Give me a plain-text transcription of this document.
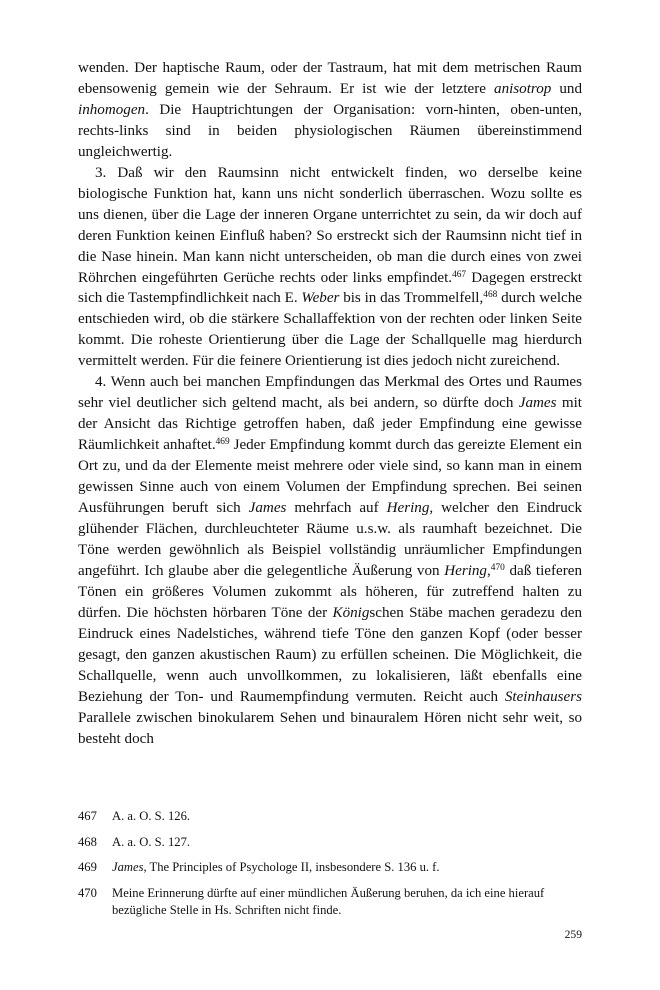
wenden. Der haptische Raum, oder der Tastraum, hat mit dem metrischen Raum ebensowenig gemein wie der Sehraum. Er ist wie der letztere anisotrop und inhomogen. Die Hauptrichtungen der Organisation: vorn-hinten, oben-unten, rechts-links sind in beiden physiologischen Räumen übereinstimmend ungleichwertig.

3. Daß wir den Raumsinn nicht entwickelt finden, wo derselbe keine biologische Funktion hat, kann uns nicht sonderlich überraschen. Wozu sollte es uns dienen, über die Lage der inneren Organe unterrichtet zu sein, da wir doch auf deren Funktion keinen Einfluß haben? So erstreckt sich der Raumsinn nicht tief in die Nase hinein. Man kann nicht unterscheiden, ob man die durch eines von zwei Röhrchen eingeführten Gerüche rechts oder links empfindet.$^{467}$ Dagegen erstreckt sich die Tastempfindlichkeit nach E. Weber bis in das Trommelfell,$^{468}$ durch welche entschieden wird, ob die stärkere Schallaffektion von der rechten oder linken Seite kommt. Die roheste Orientierung über die Lage der Schallquelle mag hierdurch vermittelt werden. Für die feinere Orientierung ist dies jedoch nicht zureichend.

4. Wenn auch bei manchen Empfindungen das Merkmal des Ortes und Raumes sehr viel deutlicher sich geltend macht, als bei andern, so dürfte doch James mit der Ansicht das Richtige getroffen haben, daß jeder Empfindung eine gewisse Räumlichkeit anhaftet.$^{469}$ Jeder Empfindung kommt durch das gereizte Element ein Ort zu, und da der Elemente meist mehrere oder viele sind, so kann man in einem gewissen Sinne auch von einem Volumen der Empfindung sprechen. Bei seinen Ausführungen beruft sich James mehrfach auf Hering, welcher den Eindruck glühender Flächen, durchleuchteter Räume u.s.w. als raumhaft bezeichnet. Die Töne werden gewöhnlich als Beispiel vollständig unräumlicher Empfindungen angeführt. Ich glaube aber die gelegentliche Äußerung von Hering,$^{470}$ daß tieferen Tönen ein größeres Volumen zukommt als höheren, für zutreffend halten zu dürfen. Die höchsten hörbaren Töne der Königschen Stäbe machen geradezu den Eindruck eines Nadelstiches, während tiefe Töne den ganzen Kopf (oder besser gesagt, den ganzen akustischen Raum) zu erfüllen scheinen. Die Möglichkeit, die Schallquelle, wenn auch unvollkommen, zu lokalisieren, läßt ebenfalls eine Beziehung der Ton- und Raumempfindung vermuten. Reicht auch Steinhausers Parallele zwischen binokularem Sehen und binauralem Hören nicht sehr weit, so besteht doch

467	A. a. O. S. 126.
468	A. a. O. S. 127.
469	James, The Principles of Psychologe II, insbesondere S. 136 u. f.
470	Meine Erinnerung dürfte auf einer mündlichen Äußerung beruhen, da ich eine hierauf bezügliche Stelle in Hs. Schriften nicht finde.
259
